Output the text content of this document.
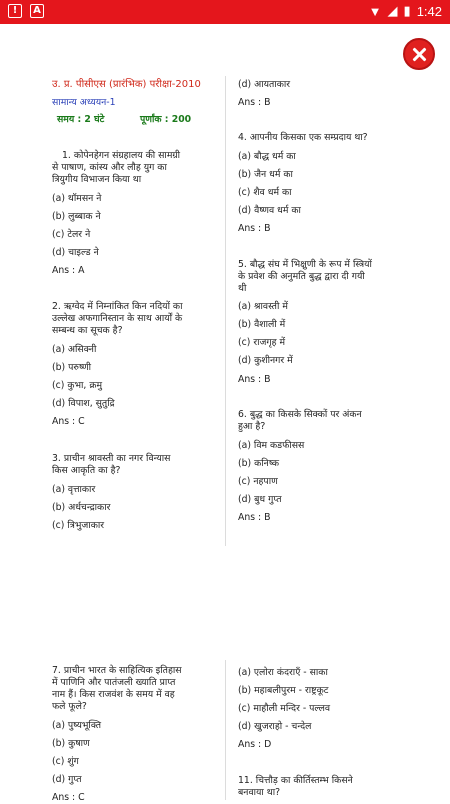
!	A	▼ ◢ ▮ 1:42
उ. प्र. पीसीएस (प्रारंभिक) परीक्षा-2010
सामान्य अध्ययन-1
समय : 2 घंटे	पूर्णांक : 200
1. कोपेनहेगन संग्रहालय की सामग्री
से पाषाण, कांस्य और लौह युग का
त्रियुगीय विभाजन किया था
(a) थॉमसन ने
(b) लुब्बाक ने
(c) टेलर ने
(d) चाइल्ड ने
Ans : A
2. ऋग्वेद में निम्नांकित किन नदियों का
उल्लेख अफगानिस्तान के साथ आर्यों के
सम्बन्ध का सूचक है?
(a) असिक्नी
(b) परुष्णी
(c) कुभा, क्रमु
(d) विपाश, सुतुद्रि
Ans : C
3. प्राचीन श्रावस्ती का नगर विन्यास
किस आकृति का है?
(a) वृत्ताकार
(b) अर्धचन्द्राकार
(c) त्रिभुजाकार
(d) आयताकार
Ans : B
4. आपनीय किसका एक सम्प्रदाय था?
(a) बौद्ध धर्म का
(b) जैन धर्म का
(c) शैव धर्म का
(d) वैष्णव धर्म का
Ans : B
5. बौद्ध संघ में भिक्षुणी के रूप में स्त्रियों
के प्रवेश की अनुमति बुद्ध द्वारा दी गयी
थी
(a) श्रावस्ती में
(b) वैशाली में
(c) राजगृह में
(d) कुशीनगर में
Ans : B
6. बुद्ध का किसके सिक्कों पर अंकन
हुआ है?
(a) विम कडफीसस
(b) कनिष्क
(c) नहपाण
(d) बुध गुप्त
Ans : B
7. प्राचीन भारत के साहित्यिक इतिहास
में पाणिनि और पातंजली ख्याति प्राप्त
नाम हैं। किस राजवंश के समय में वह
फले फूले?
(a) पुष्यभूक्ति
(b) कुषाण
(c) शुंग
(d) गुप्त
Ans : C
(a) एलोरा कंदराएँ - साका
(b) महाबलीपुरम - राष्ट्रकूट
(c) माहौली मन्दिर - पल्लव
(d) खुजराहो - चन्देल
Ans : D
11. चित्तौड़ का कीर्तिस्तम्भ किसने
बनवाया था?
